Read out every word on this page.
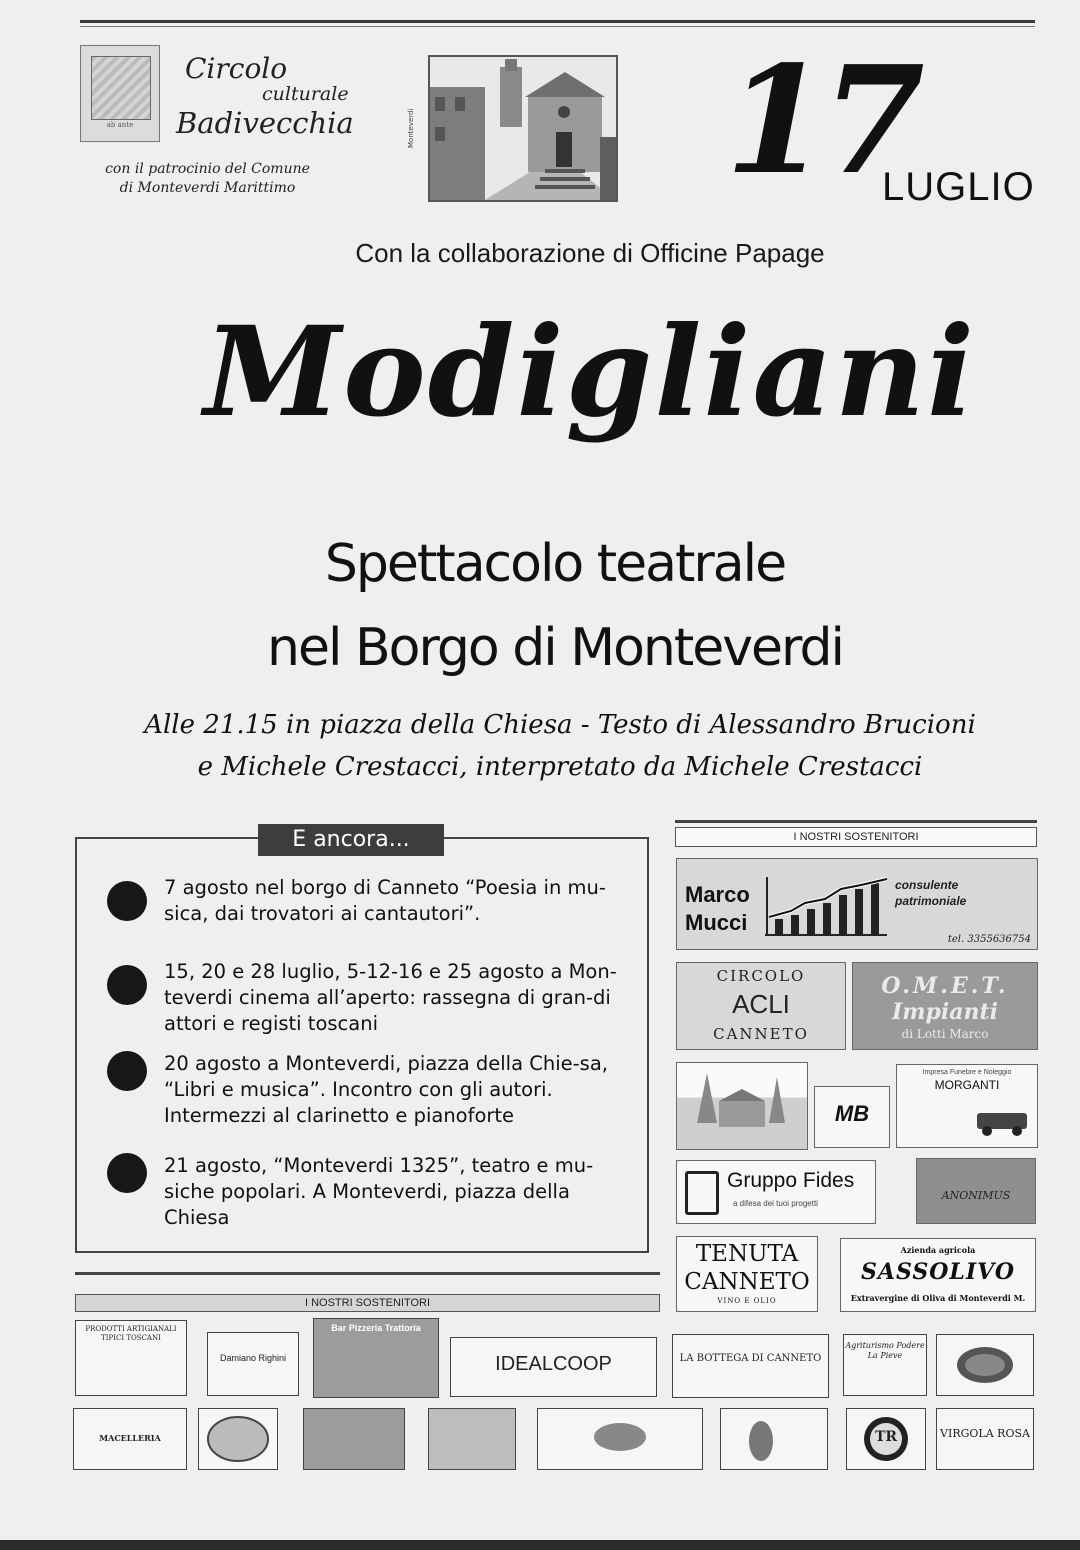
ab ante
Circolo
culturale
Badivecchia
con il patrocinio del Comune
di Monteverdi Marittimo
Monteverdi 17
LUGLIO
Con la collaborazione di Officine Papage
Modigliani
Spettacolo teatrale
nel Borgo di Monteverdi
Alle 21.15 in piazza della Chiesa - Testo di Alessandro Brucioni
e Michele Crestacci, interpretato da Michele Crestacci
7 agosto nel borgo di Canneto “Poesia in mu-sica, dai trovatori ai cantautori”.
15, 20 e 28 luglio, 5-12-16 e 25 agosto a Mon-teverdi cinema all’aperto: rassegna di gran-di attori e registi toscani
20 agosto a Monteverdi, piazza della Chie-sa, “Libri e musica”. Incontro con gli autori. Intermezzi al clarinetto e pianoforte
21 agosto, “Monteverdi 1325”, teatro e mu-siche popolari. A Monteverdi, piazza della Chiesa
E ancora...	I NOSTRI SOSTENITORI
Marco
Mucci
consulente
patrimoniale
tel. 3355636754
CIRCOLO
ACLI
CANNETO
O.M.E.T.
Impianti
di Lotti Marco
MB
Impresa Funebre e Noleggio
MORGANTI
Gruppo Fides
a difesa dei tuoi progetti
ANONIMUS
TENUTA
CANNETO
VINO E OLIO
Azienda agricola
SASSOLIVO
Extravergine di Oliva di Monteverdi M.
I NOSTRI SOSTENITORI
PRODOTTI ARTIGIANALI TIPICI TOSCANI
Damiano Righini
Bar Pizzeria Trattoria
IDEALCOOP	LA BOTTEGA DI CANNETO
Agriturismo Podere La Pieve
MACELLERIA	TR	VIRGOLA ROSA
